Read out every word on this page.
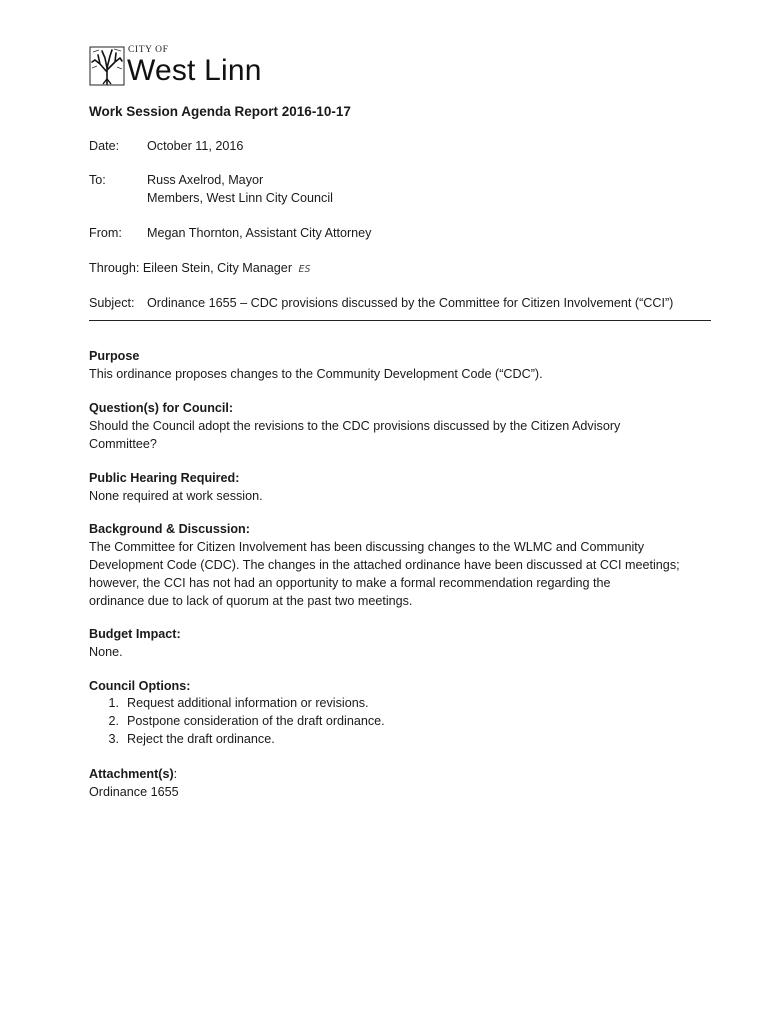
CITY OF
West Linn
Work Session Agenda Report 2016-10-17
Date: October 11, 2016
To:	Russ Axelrod, Mayor
Members, West Linn City Council
From: Megan Thornton, Assistant City Attorney
Through: Eileen Stein, City Manager ES
Subject: Ordinance 1655 – CDC provisions discussed by the Committee for Citizen Involvement (“CCI”)
Purpose
This ordinance proposes changes to the Community Development Code (“CDC”).
Question(s) for Council:
Should the Council adopt the revisions to the CDC provisions discussed by the Citizen Advisory
Committee?
Public Hearing Required:
None required at work session.
Background & Discussion:
The Committee for Citizen Involvement has been discussing changes to the WLMC and Community
Development Code (CDC). The changes in the attached ordinance have been discussed at CCI meetings;
however, the CCI has not had an opportunity to make a formal recommendation regarding the
ordinance due to lack of quorum at the past two meetings.
Budget Impact:
None.
Council Options:
1. Request additional information or revisions.
2. Postpone consideration of the draft ordinance.
3. Reject the draft ordinance.
Attachment(s):
Ordinance 1655
